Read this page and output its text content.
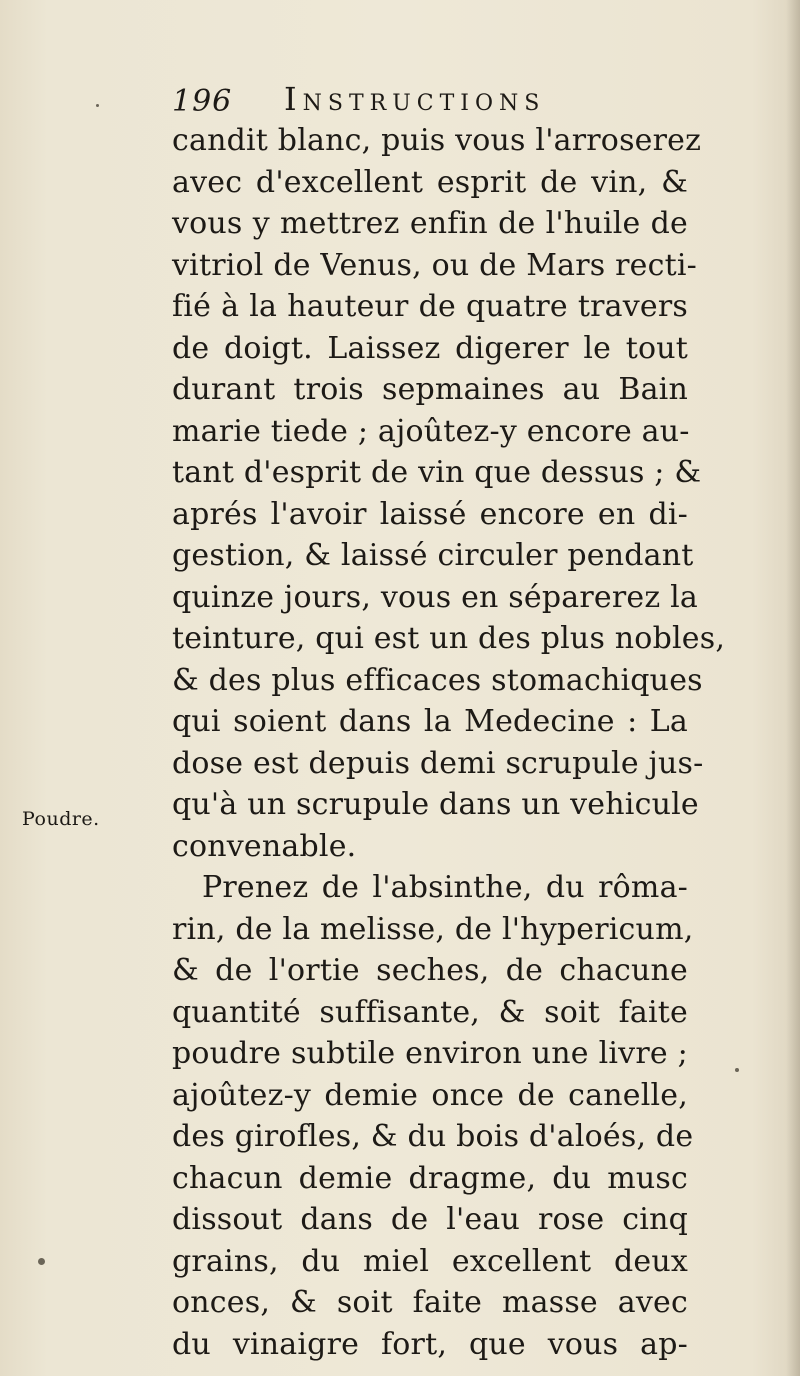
196 Instructions
Poudre.
candit blanc, puis vous l'arroserez
avec d'excellent esprit de vin, &
vous y mettrez enfin de l'huile de
vitriol de Venus, ou de Mars recti-
fié à la hauteur de quatre travers
de doigt. Laissez digerer le tout
durant trois sepmaines au Bain
marie tiede ; ajoûtez-y encore au-
tant d'esprit de vin que dessus ; &
aprés l'avoir laissé encore en di-
gestion, & laissé circuler pendant
quinze jours, vous en séparerez la
teinture, qui est un des plus nobles,
& des plus efficaces stomachiques
qui soient dans la Medecine : La
dose est depuis demi scrupule jus-
qu'à un scrupule dans un vehicule
convenable.
Prenez de l'absinthe, du rôma-
rin, de la melisse, de l'hypericum,
& de l'ortie seches, de chacune
quantité suffisante, & soit faite
poudre subtile environ une livre ;
ajoûtez-y demie once de canelle,
des girofles, & du bois d'aloés, de
chacun demie dragme, du musc
dissout dans de l'eau rose cinq
grains, du miel excellent deux
onces, & soit faite masse avec
du vinaigre fort, que vous ap-
